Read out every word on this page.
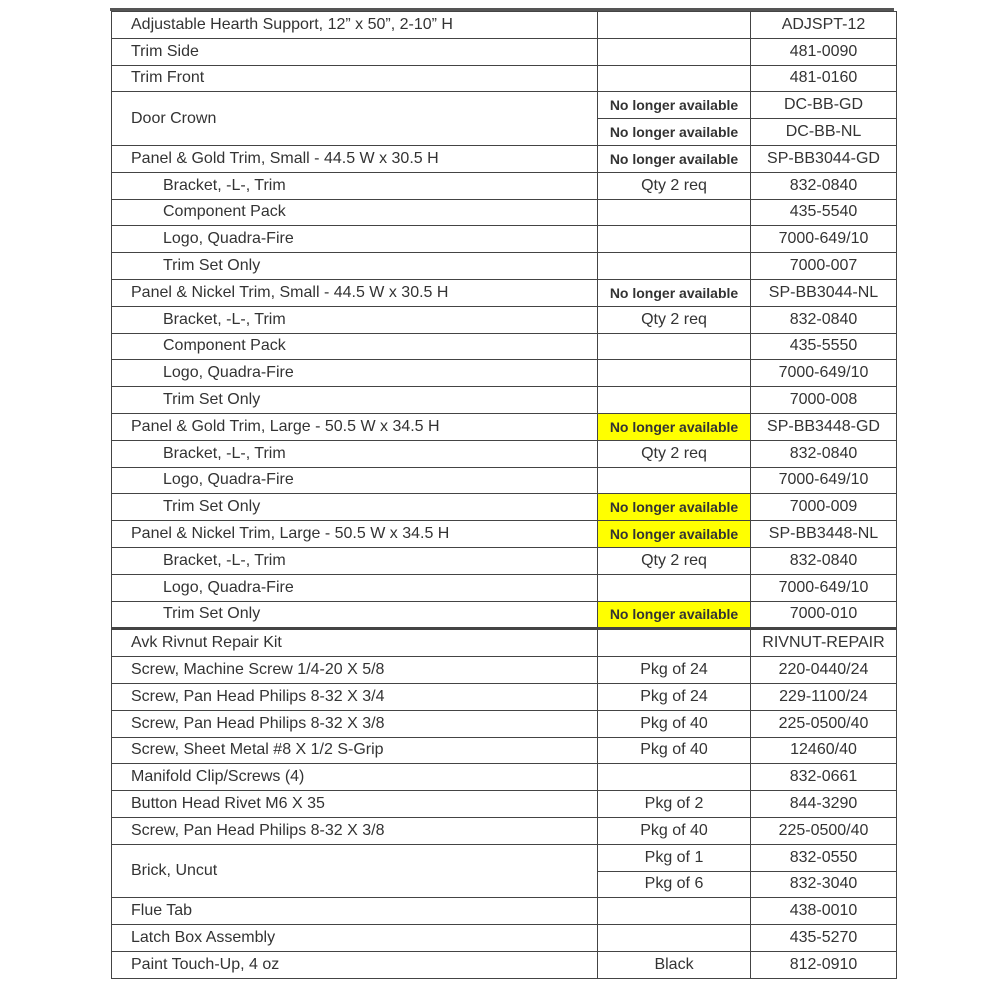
Adjustable Hearth Support, 12” x 50”, 2-10” H		ADJSPT-12
Trim Side		481-0090
Trim Front		481-0160
Door Crown	No longer available	DC-BB-GD
	No longer available	DC-BB-NL
Panel & Gold Trim, Small - 44.5 W x 30.5 H	No longer available	SP-BB3044-GD
Bracket, -L-, Trim	Qty 2 req	832-0840
Component Pack		435-5540
Logo, Quadra-Fire		7000-649/10
Trim Set Only		7000-007
Panel & Nickel Trim, Small - 44.5 W x 30.5 H	No longer available	SP-BB3044-NL
Bracket, -L-, Trim	Qty 2 req	832-0840
Component Pack		435-5550
Logo, Quadra-Fire		7000-649/10
Trim Set Only		7000-008
Panel & Gold Trim, Large - 50.5 W x 34.5 H	No longer available	SP-BB3448-GD
Bracket, -L-, Trim	Qty 2 req	832-0840
Logo, Quadra-Fire		7000-649/10
Trim Set Only	No longer available	7000-009
Panel & Nickel Trim, Large - 50.5 W x 34.5 H	No longer available	SP-BB3448-NL
Bracket, -L-, Trim	Qty 2 req	832-0840
Logo, Quadra-Fire		7000-649/10
Trim Set Only	No longer available	7000-010
Avk Rivnut Repair Kit		RIVNUT-REPAIR
Screw, Machine Screw 1/4-20 X 5/8	Pkg of 24	220-0440/24
Screw, Pan Head Philips 8-32 X 3/4	Pkg of 24	229-1100/24
Screw, Pan Head Philips 8-32 X 3/8	Pkg of 40	225-0500/40
Screw, Sheet Metal #8 X 1/2 S-Grip	Pkg of 40	12460/40
Manifold Clip/Screws (4)		832-0661
Button Head Rivet M6 X 35	Pkg of 2	844-3290
Screw, Pan Head Philips 8-32 X 3/8	Pkg of 40	225-0500/40
Brick, Uncut	Pkg of 1	832-0550
	Pkg of 6	832-3040
Flue Tab		438-0010
Latch Box Assembly		435-5270
Paint Touch-Up, 4 oz	Black	812-0910
